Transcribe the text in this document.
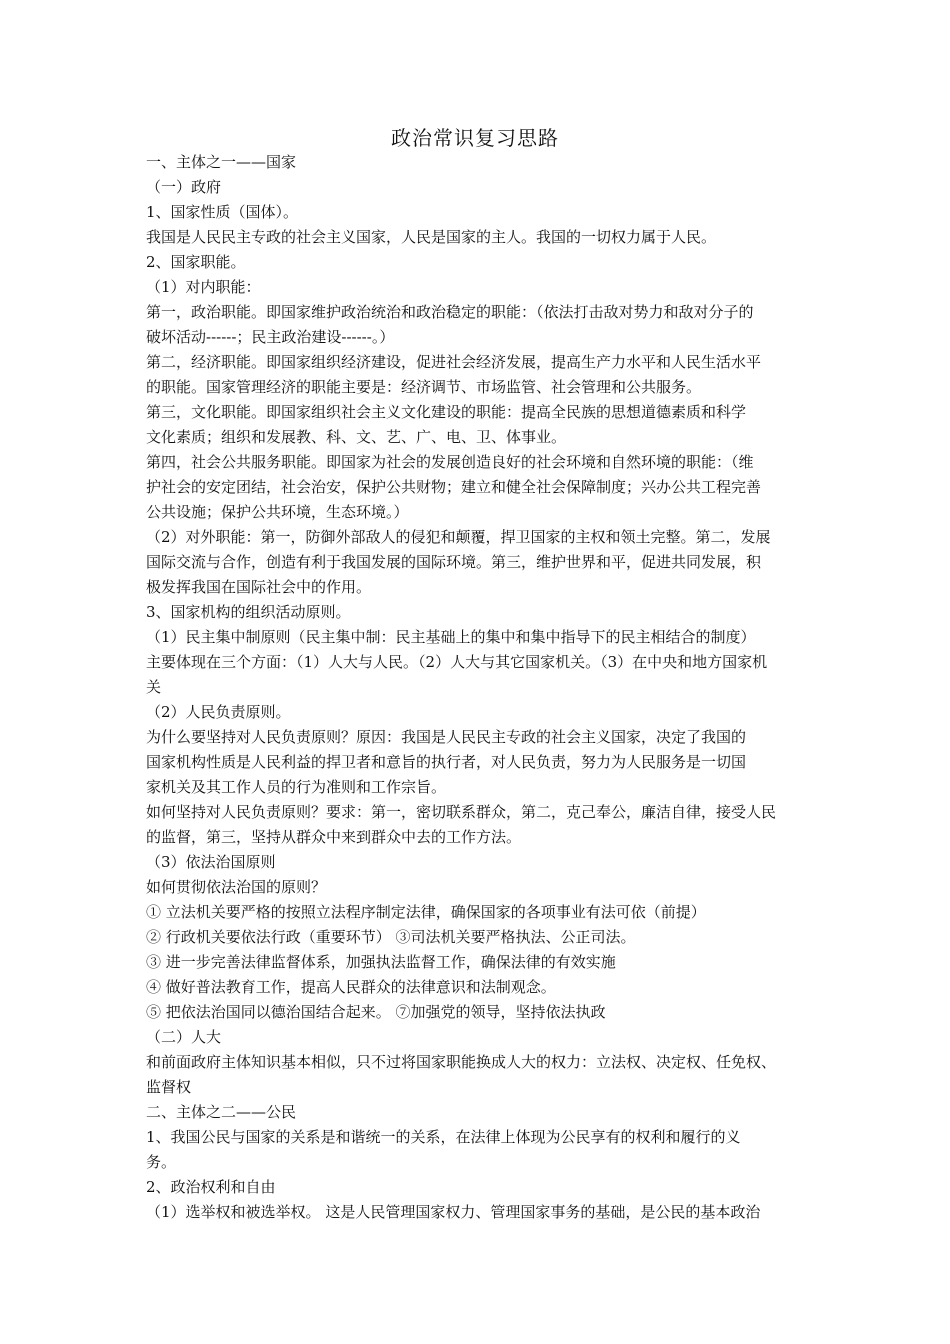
政治常识复习思路

一、主体之一——国家

（一）政府

1、国家性质（国体）。

我国是人民民主专政的社会主义国家，人民是国家的主人。我国的一切权力属于人民。

2、国家职能。

（1）对内职能：

第一，政治职能。即国家维护政治统治和政治稳定的职能：（依法打击敌对势力和敌对分子的

破坏活动------；民主政治建设------。）

第二，经济职能。即国家组织经济建设，促进社会经济发展，提高生产力水平和人民生活水平

的职能。国家管理经济的职能主要是：经济调节、市场监管、社会管理和公共服务。

第三，文化职能。即国家组织社会主义文化建设的职能：提高全民族的思想道德素质和科学

文化素质；组织和发展教、科、文、艺、广、电、卫、体事业。

第四，社会公共服务职能。即国家为社会的发展创造良好的社会环境和自然环境的职能：（维

护社会的安定团结，社会治安，保护公共财物；建立和健全社会保障制度；兴办公共工程完善

公共设施；保护公共环境，生态环境。）

（2）对外职能：第一，防御外部敌人的侵犯和颠覆，捍卫国家的主权和领土完整。第二，发展

国际交流与合作，创造有利于我国发展的国际环境。第三，维护世界和平，促进共同发展，积

极发挥我国在国际社会中的作用。

3、国家机构的组织活动原则。

（1）民主集中制原则（民主集中制：民主基础上的集中和集中指导下的民主相结合的制度）

主要体现在三个方面：（1）人大与人民。（2）人大与其它国家机关。（3）在中央和地方国家机

关

（2）人民负责原则。

为什么要坚持对人民负责原则？原因：我国是人民民主专政的社会主义国家，决定了我国的

国家机构性质是人民利益的捍卫者和意旨的执行者，对人民负责，努力为人民服务是一切国

家机关及其工作人员的行为准则和工作宗旨。

如何坚持对人民负责原则？要求：第一，密切联系群众，第二，克己奉公，廉洁自律，接受人民

的监督，第三，坚持从群众中来到群众中去的工作方法。

（3）依法治国原则

如何贯彻依法治国的原则？

① 立法机关要严格的按照立法程序制定法律，确保国家的各项事业有法可依（前提）

② 行政机关要依法行政（重要环节） ③司法机关要严格执法、公正司法。

③ 进一步完善法律监督体系，加强执法监督工作，确保法律的有效实施

④ 做好普法教育工作，提高人民群众的法律意识和法制观念。

⑤ 把依法治国同以德治国结合起来。 ⑦加强党的领导，坚持依法执政

（二）人大

和前面政府主体知识基本相似，只不过将国家职能换成人大的权力：立法权、决定权、任免权、

监督权

二、主体之二——公民

1、我国公民与国家的关系是和谐统一的关系，在法律上体现为公民享有的权利和履行的义

务。

2、政治权利和自由

（1）选举权和被选举权。 这是人民管理国家权力、管理国家事务的基础，是公民的基本政治
